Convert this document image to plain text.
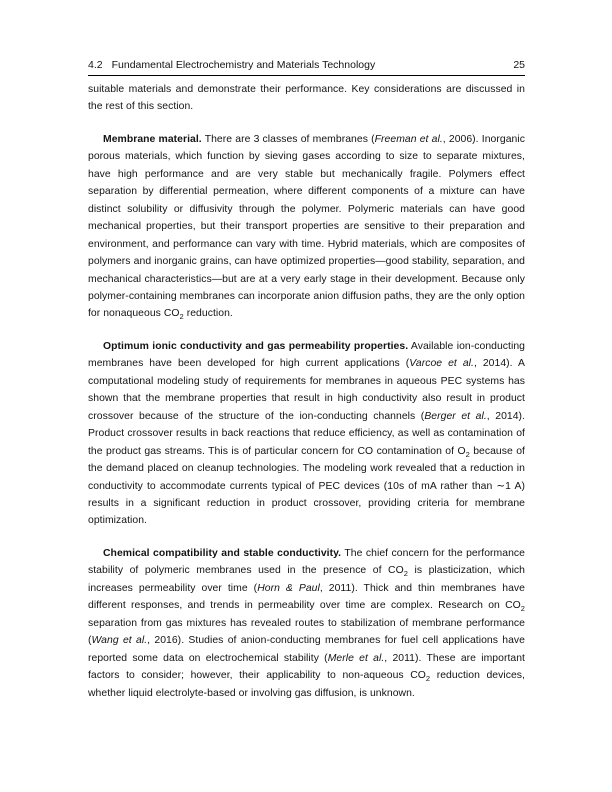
4.2 Fundamental Electrochemistry and Materials Technology	25

suitable materials and demonstrate their performance. Key considerations are discussed in the rest of this section.

Membrane material. There are 3 classes of membranes (Freeman et al., 2006). Inorganic porous materials, which function by sieving gases according to size to separate mixtures, have high performance and are very stable but mechanically fragile. Polymers effect separation by differential permeation, where different components of a mixture can have distinct solubility or diffusivity through the polymer. Polymeric materials can have good mechanical properties, but their transport properties are sensitive to their preparation and environment, and performance can vary with time. Hybrid materials, which are composites of polymers and inorganic grains, can have optimized properties—good stability, separation, and mechanical characteristics—but are at a very early stage in their development. Because only polymer-containing membranes can incorporate anion diffusion paths, they are the only option for nonaqueous $CO_2$ reduction.

Optimum ionic conductivity and gas permeability properties. Available ion-conducting membranes have been developed for high current applications (Varcoe et al., 2014). A computational modeling study of requirements for membranes in aqueous PEC systems has shown that the membrane properties that result in high conductivity also result in product crossover because of the structure of the ion-conducting channels (Berger et al., 2014). Product crossover results in back reactions that reduce efficiency, as well as contamination of the product gas streams. This is of particular concern for CO contamination of $O_2$ because of the demand placed on cleanup technologies. The modeling work revealed that a reduction in conductivity to accommodate currents typical of PEC devices (10s of mA rather than ∼1 A) results in a significant reduction in product crossover, providing criteria for membrane optimization.

Chemical compatibility and stable conductivity. The chief concern for the performance stability of polymeric membranes used in the presence of $CO_2$ is plasticization, which increases permeability over time (Horn & Paul, 2011). Thick and thin membranes have different responses, and trends in permeability over time are complex. Research on $CO_2$ separation from gas mixtures has revealed routes to stabilization of membrane performance (Wang et al., 2016). Studies of anion-conducting membranes for fuel cell applications have reported some data on electrochemical stability (Merle et al., 2011). These are important factors to consider; however, their applicability to non-aqueous $CO_2$ reduction devices, whether liquid electrolyte-based or involving gas diffusion, is unknown.
